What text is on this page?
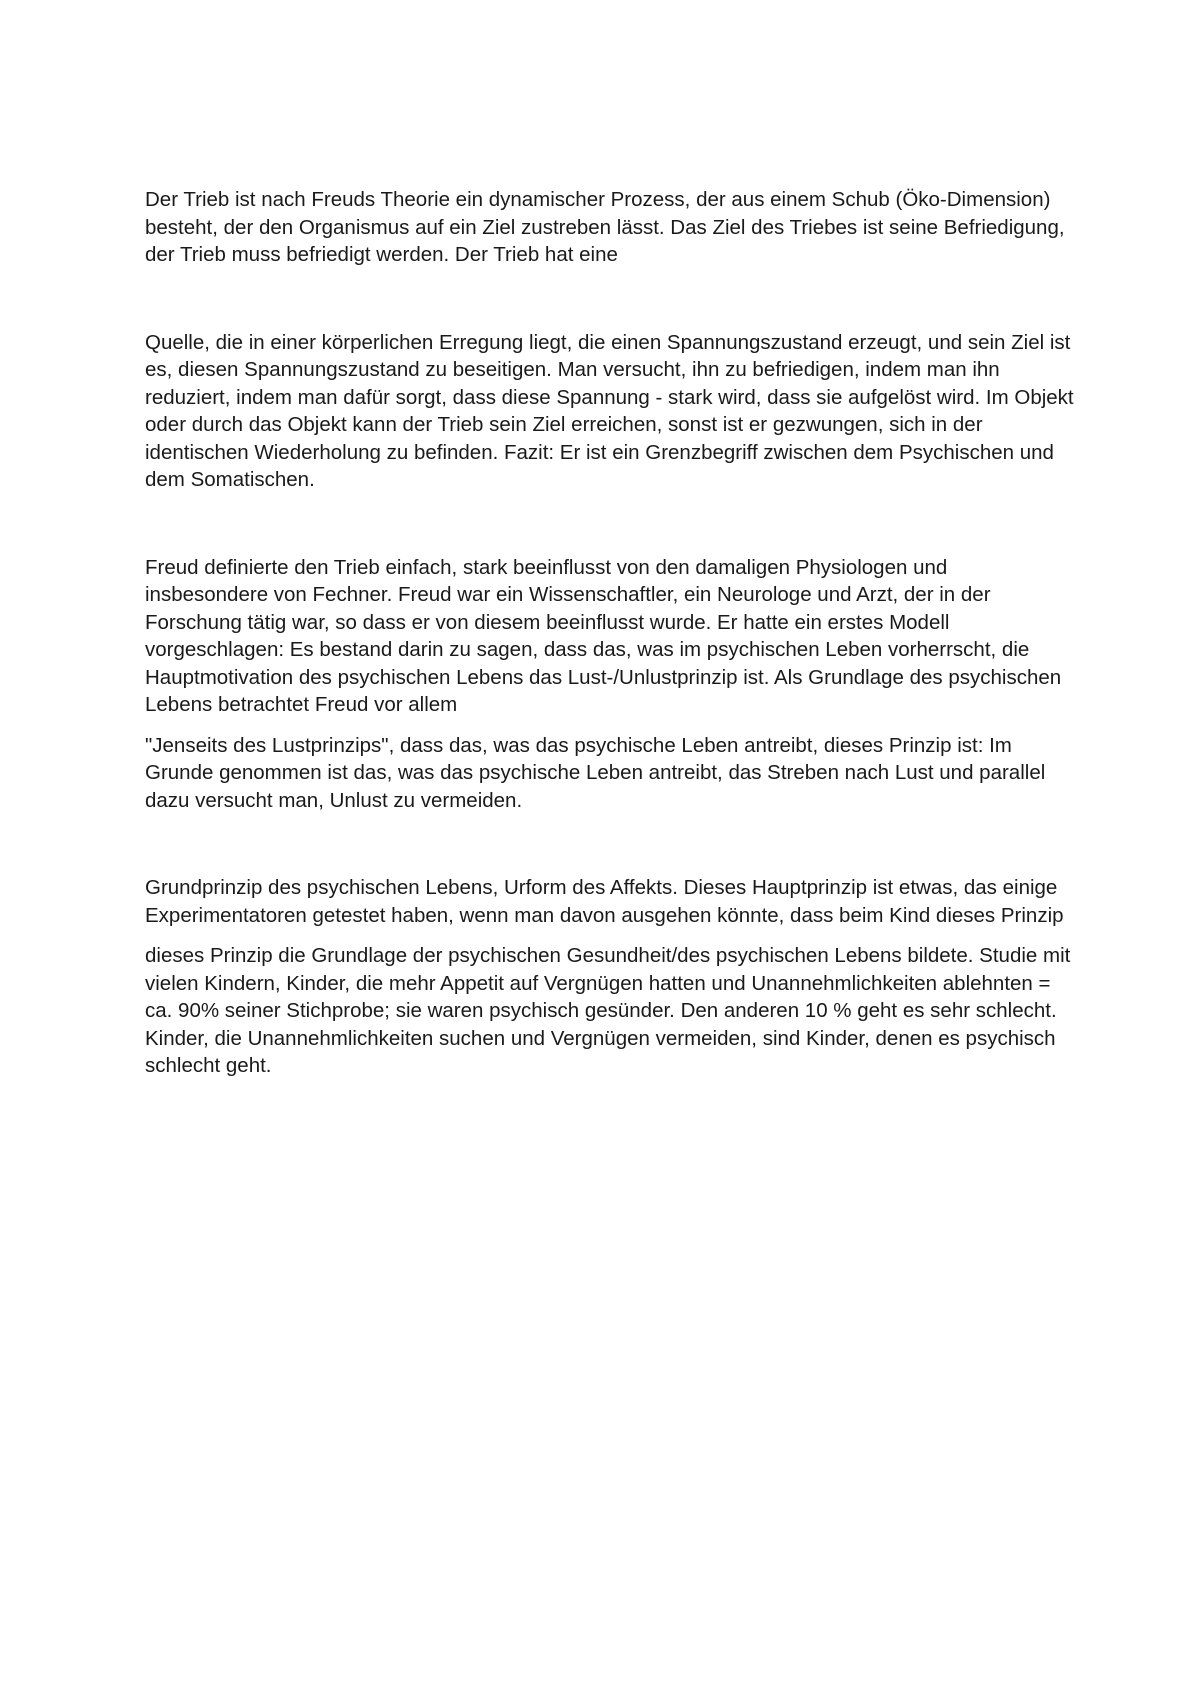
Der Trieb ist nach Freuds Theorie ein dynamischer Prozess, der aus einem Schub (Öko-Dimension) besteht, der den Organismus auf ein Ziel zustreben lässt. Das Ziel des Triebes ist seine Befriedigung, der Trieb muss befriedigt werden. Der Trieb hat eine

Quelle, die in einer körperlichen Erregung liegt, die einen Spannungszustand erzeugt, und sein Ziel ist es, diesen Spannungszustand zu beseitigen. Man versucht, ihn zu befriedigen, indem man ihn reduziert, indem man dafür sorgt, dass diese Spannung - stark wird, dass sie aufgelöst wird. Im Objekt oder durch das Objekt kann der Trieb sein Ziel erreichen, sonst ist er gezwungen, sich in der identischen Wiederholung zu befinden. Fazit: Er ist ein Grenzbegriff zwischen dem Psychischen und dem Somatischen.

Freud definierte den Trieb einfach, stark beeinflusst von den damaligen Physiologen und insbesondere von Fechner. Freud war ein Wissenschaftler, ein Neurologe und Arzt, der in der Forschung tätig war, so dass er von diesem beeinflusst wurde. Er hatte ein erstes Modell vorgeschlagen: Es bestand darin zu sagen, dass das, was im psychischen Leben vorherrscht, die Hauptmotivation des psychischen Lebens das Lust-/Unlustprinzip ist. Als Grundlage des psychischen Lebens betrachtet Freud vor allem

"Jenseits des Lustprinzips", dass das, was das psychische Leben antreibt, dieses Prinzip ist: Im Grunde genommen ist das, was das psychische Leben antreibt, das Streben nach Lust und parallel dazu versucht man, Unlust zu vermeiden.

Grundprinzip des psychischen Lebens, Urform des Affekts. Dieses Hauptprinzip ist etwas, das einige Experimentatoren getestet haben, wenn man davon ausgehen könnte, dass beim Kind dieses Prinzip

dieses Prinzip die Grundlage der psychischen Gesundheit/des psychischen Lebens bildete. Studie mit vielen Kindern, Kinder, die mehr Appetit auf Vergnügen hatten und Unannehmlichkeiten ablehnten = ca. 90% seiner Stichprobe; sie waren psychisch gesünder. Den anderen 10 % geht es sehr schlecht. Kinder, die Unannehmlichkeiten suchen und Vergnügen vermeiden, sind Kinder, denen es psychisch schlecht geht.
